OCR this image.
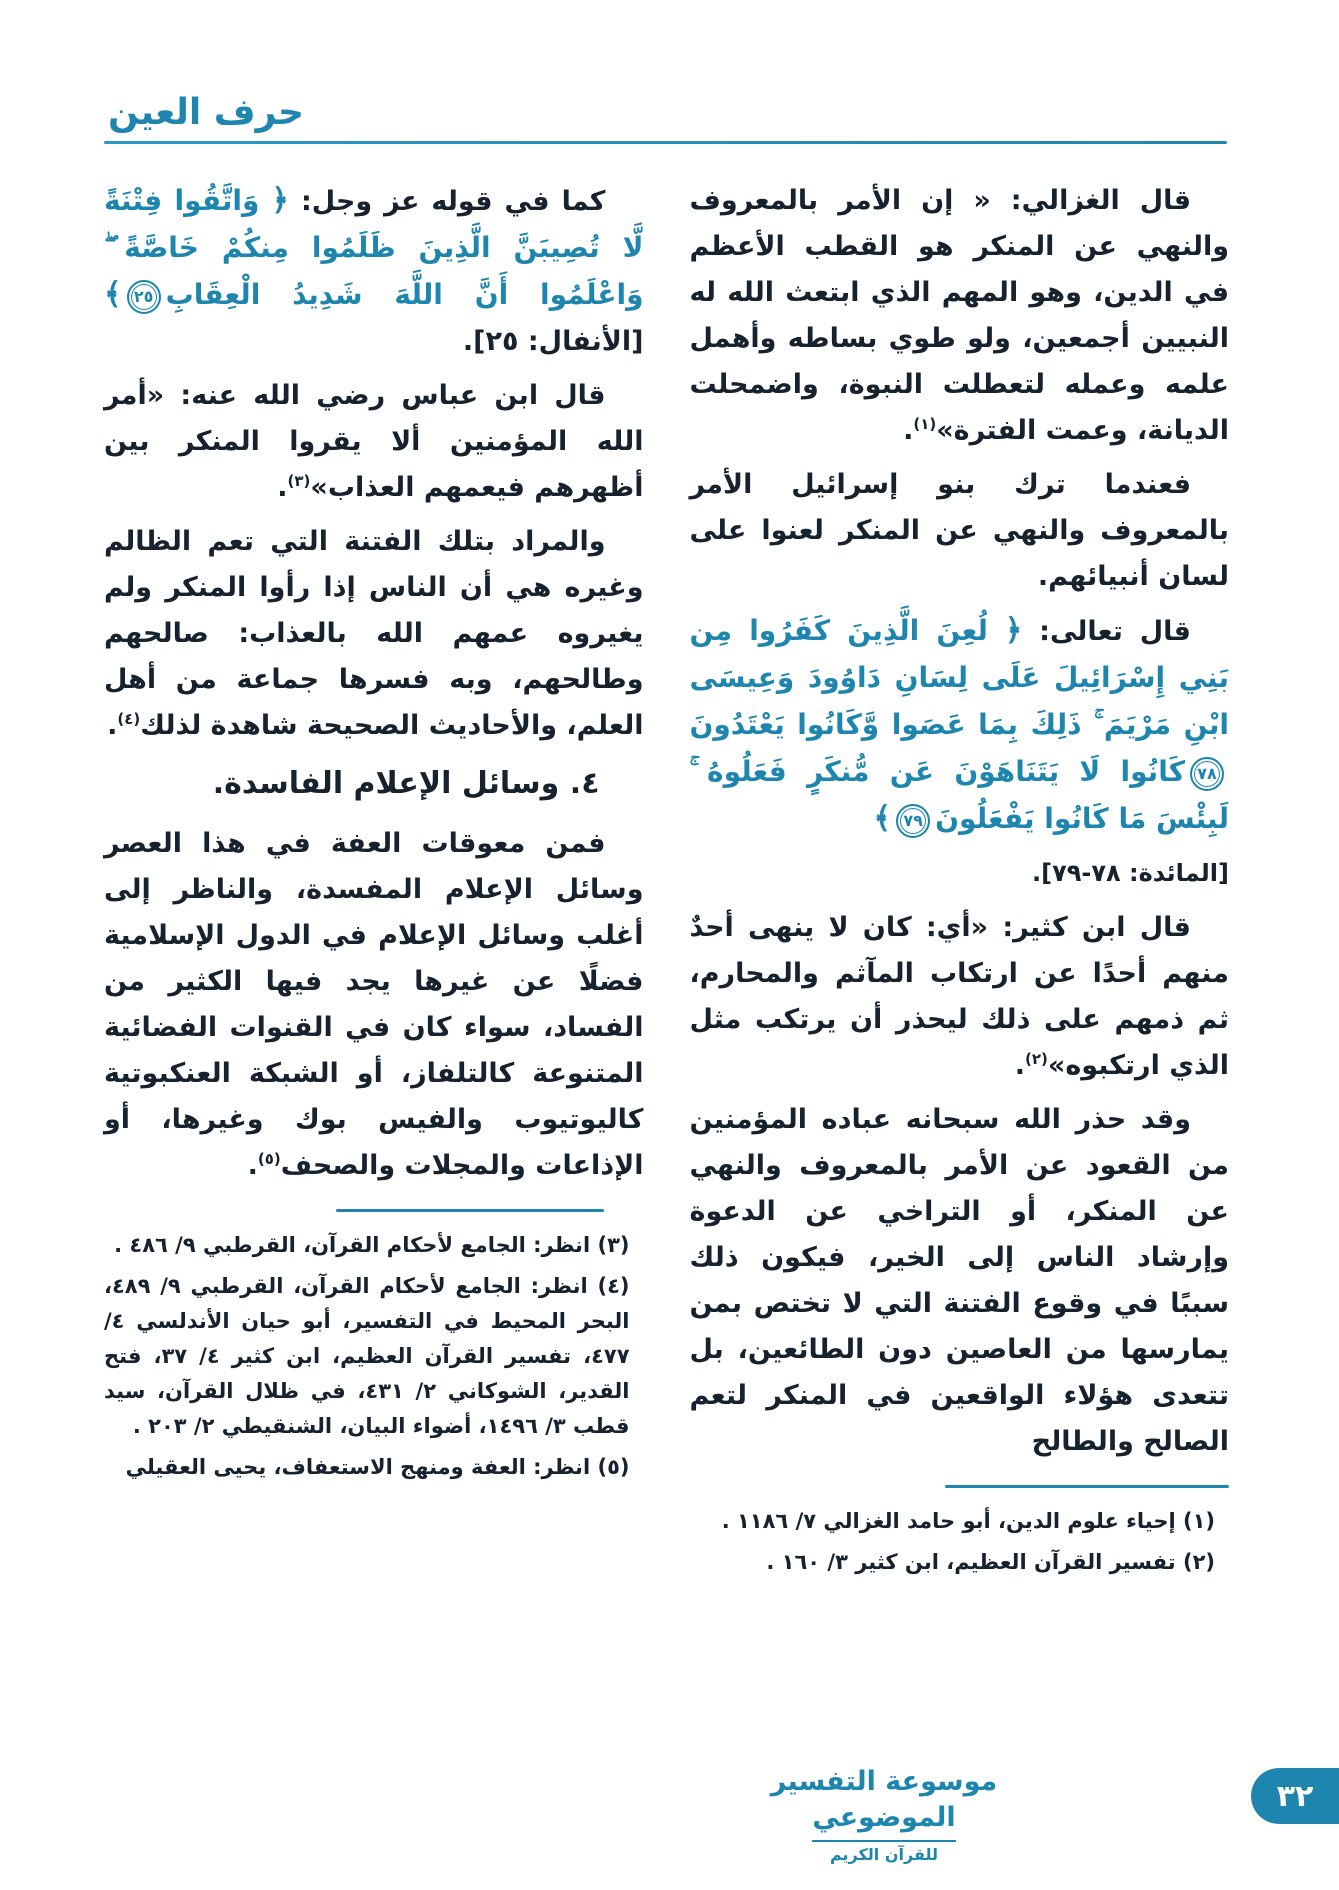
حرف العين

قال الغزالي: « إن الأمر بالمعروف والنهي عن المنكر هو القطب الأعظم في الدين، وهو المهم الذي ابتعث الله له النبيين أجمعين، ولو طوي بساطه وأهمل علمه وعمله لتعطلت النبوة، واضمحلت الديانة، وعمت الفترة»$^{(١)}$.

فعندما ترك بنو إسرائيل الأمر بالمعروف والنهي عن المنكر لعنوا على لسان أنبيائهم.

قال تعالى: ﴿ لُعِنَ الَّذِينَ كَفَرُوا مِن بَنِي إِسْرَائِيلَ عَلَى لِسَانِ دَاوُودَ وَعِيسَى ابْنِ مَرْيَمَ ۚ ذَلِكَ بِمَا عَصَوا وَّكَانُوا يَعْتَدُونَ٧٨كَانُوا لَا يَتَنَاهَوْنَ عَن مُّنكَرٍ فَعَلُوهُ ۚ لَبِئْسَ مَا كَانُوا يَفْعَلُونَ٧٩﴾

[المائدة: ٧٨-٧٩].

قال ابن كثير: «أي: كان لا ينهى أحدٌ منهم أحدًا عن ارتكاب المآثم والمحارم، ثم ذمهم على ذلك ليحذر أن يرتكب مثل الذي ارتكبوه»$^{(٢)}$.

وقد حذر الله سبحانه عباده المؤمنين من القعود عن الأمر بالمعروف والنهي عن المنكر، أو التراخي عن الدعوة وإرشاد الناس إلى الخير، فيكون ذلك سببًا في وقوع الفتنة التي لا تختص بمن يمارسها من العاصين دون الطائعين، بل تتعدى هؤلاء الواقعين في المنكر لتعم الصالح والطالح

(١) إحياء علوم الدين، أبو حامد الغزالي ٧/ ١١٨٦ .
(٢) تفسير القرآن العظيم، ابن كثير ٣/ ١٦٠ .

كما في قوله عز وجل: ﴿ وَاتَّقُوا فِتْنَةً لَّا تُصِيبَنَّ الَّذِينَ ظَلَمُوا مِنكُمْ خَاصَّةً ۖ وَاعْلَمُوا أَنَّ اللَّهَ شَدِيدُ الْعِقَابِ٢٥﴾ [الأنفال: ٢٥].

قال ابن عباس رضي الله عنه: «أمر الله المؤمنين ألا يقروا المنكر بين أظهرهم فيعمهم العذاب»$^{(٣)}$.

والمراد بتلك الفتنة التي تعم الظالم وغيره هي أن الناس إذا رأوا المنكر ولم يغيروه عمهم الله بالعذاب: صالحهم وطالحهم، وبه فسرها جماعة من أهل العلم، والأحاديث الصحيحة شاهدة لذلك$^{(٤)}$.

٤. وسائل الإعلام الفاسدة.

فمن معوقات العفة في هذا العصر وسائل الإعلام المفسدة، والناظر إلى أغلب وسائل الإعلام في الدول الإسلامية فضلًا عن غيرها يجد فيها الكثير من الفساد، سواء كان في القنوات الفضائية المتنوعة كالتلفاز، أو الشبكة العنكبوتية كاليوتيوب والفيس بوك وغيرها، أو الإذاعات والمجلات والصحف$^{(٥)}$.

(٣) انظر: الجامع لأحكام القرآن، القرطبي ٩/ ٤٨٦ .
(٤) انظر: الجامع لأحكام القرآن، القرطبي ٩/ ٤٨٩، البحر المحيط في التفسير، أبو حيان الأندلسي ٤/ ٤٧٧، تفسير القرآن العظيم، ابن كثير ٤/ ٣٧، فتح القدير، الشوكاني ٢/ ٤٣١، في ظلال القرآن، سيد قطب ٣/ ١٤٩٦، أضواء البيان، الشنقيطي ٢/ ٢٠٣ .
(٥) انظر: العفة ومنهج الاستعفاف، يحيى العقيلي
موسوعة التفسير الموضوعي
للقرآن الكريم
٣٢
